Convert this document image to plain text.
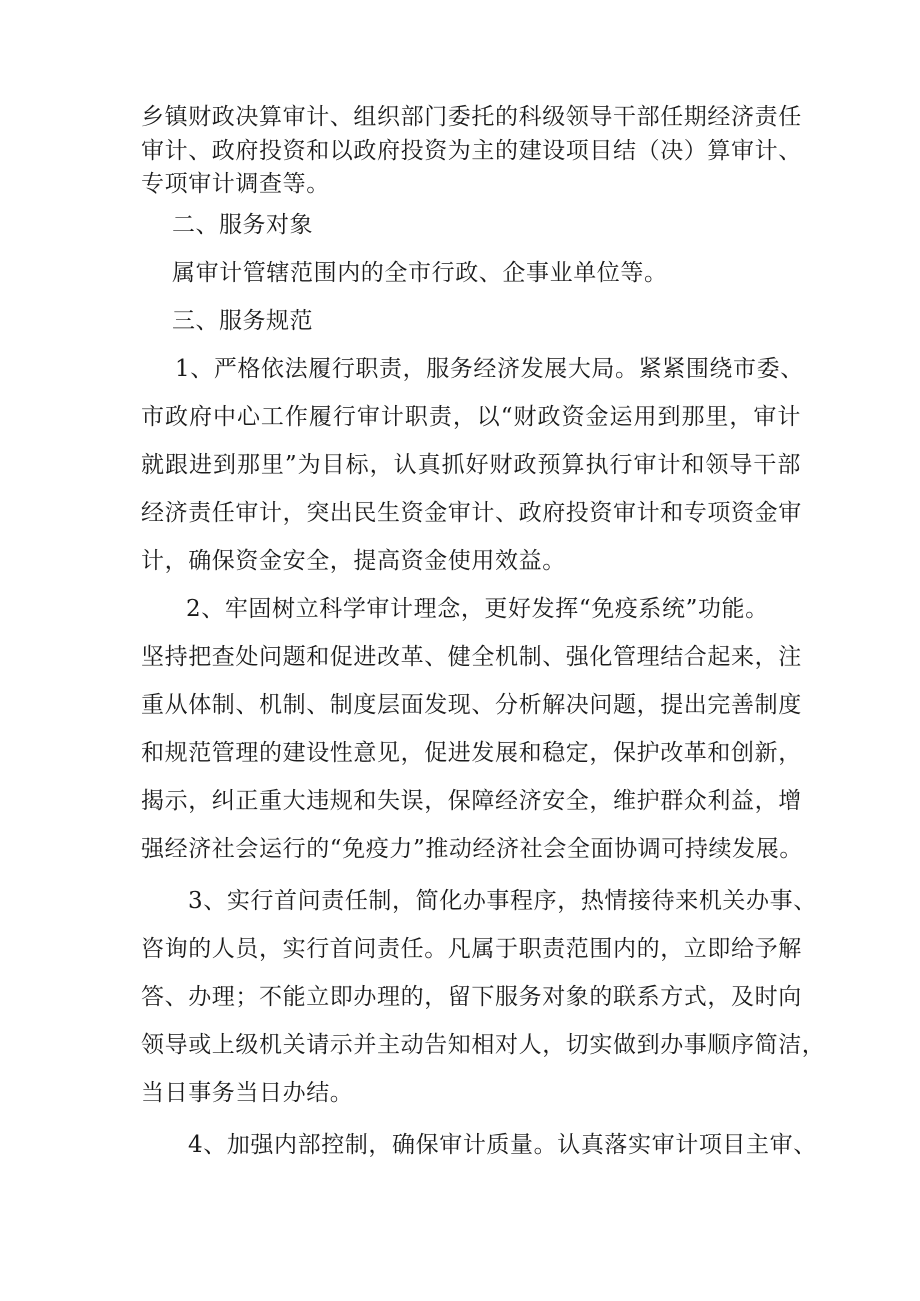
乡镇财政决算审计、组织部门委托的科级领导干部任期经济责任
审计、政府投资和以政府投资为主的建设项目结（决）算审计、
专项审计调查等。
二、服务对象
属审计管辖范围内的全市行政、企事业单位等。
三、服务规范
1、严格依法履行职责，服务经济发展大局。紧紧围绕市委、
市政府中心工作履行审计职责，以“财政资金运用到那里，审计
就跟进到那里”为目标，认真抓好财政预算执行审计和领导干部
经济责任审计，突出民生资金审计、政府投资审计和专项资金审
计，确保资金安全，提高资金使用效益。
2、牢固树立科学审计理念，更好发挥“免疫系统”功能。
坚持把查处问题和促进改革、健全机制、强化管理结合起来，注
重从体制、机制、制度层面发现、分析解决问题，提出完善制度
和规范管理的建设性意见，促进发展和稳定，保护改革和创新，
揭示，纠正重大违规和失误，保障经济安全，维护群众利益，增
强经济社会运行的“免疫力”推动经济社会全面协调可持续发展。
3、实行首问责任制，简化办事程序，热情接待来机关办事、
咨询的人员，实行首问责任。凡属于职责范围内的，立即给予解
答、办理；不能立即办理的，留下服务对象的联系方式，及时向
领导或上级机关请示并主动告知相对人，切实做到办事顺序简洁，
当日事务当日办结。
4、加强内部控制，确保审计质量。认真落实审计项目主审、
